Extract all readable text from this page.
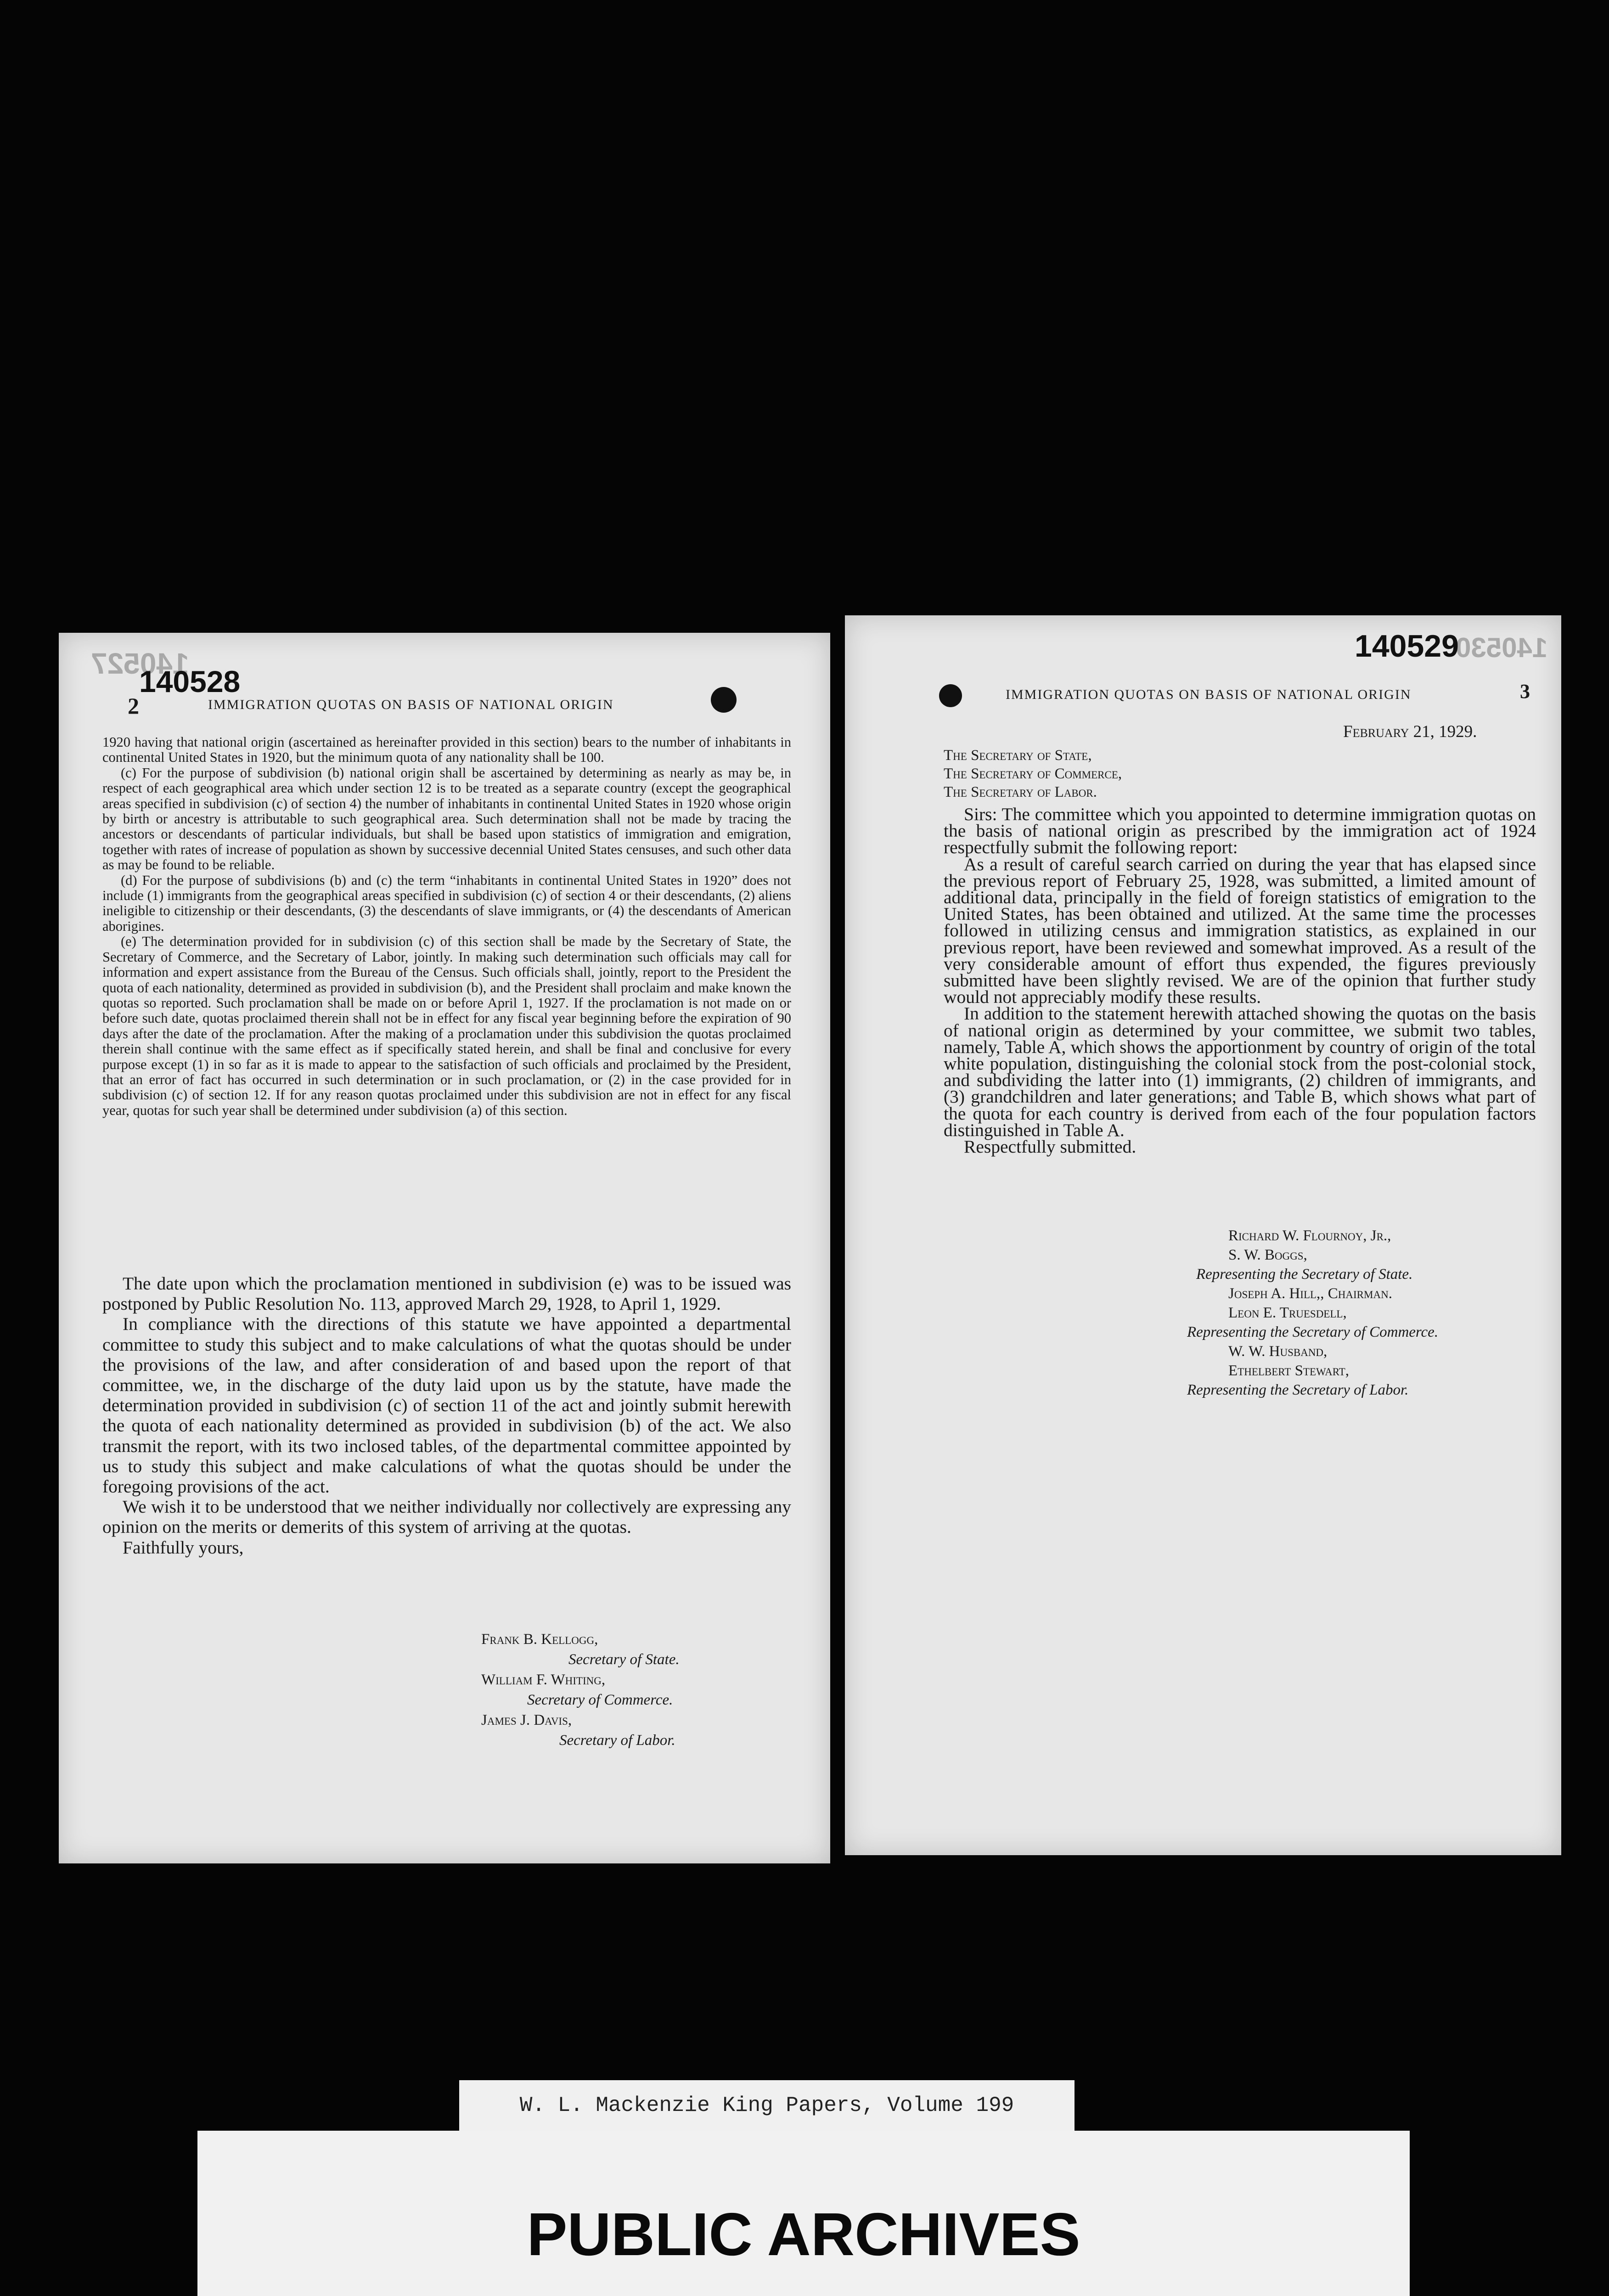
140527
140528
2	IMMIGRATION QUOTAS ON BASIS OF NATIONAL ORIGIN

1920 having that national origin (ascertained as hereinafter provided in this section) bears to the number of inhabitants in continental United States in 1920, but the minimum quota of any nationality shall be 100.

(c) For the purpose of subdivision (b) national origin shall be ascertained by determining as nearly as may be, in respect of each geographical area which under section 12 is to be treated as a separate country (except the geographical areas specified in subdivision (c) of section 4) the number of inhabitants in continental United States in 1920 whose origin by birth or ancestry is attributable to such geographical area. Such determination shall not be made by tracing the ancestors or descendants of particular individuals, but shall be based upon statistics of immigration and emigration, together with rates of increase of population as shown by successive decennial United States censuses, and such other data as may be found to be reliable.

(d) For the purpose of subdivisions (b) and (c) the term “inhabitants in continental United States in 1920” does not include (1) immigrants from the geographical areas specified in subdivision (c) of section 4 or their descendants, (2) aliens ineligible to citizenship or their descendants, (3) the descendants of slave immigrants, or (4) the descendants of American aborigines.

(e) The determination provided for in subdivision (c) of this section shall be made by the Secretary of State, the Secretary of Commerce, and the Secretary of Labor, jointly. In making such determination such officials may call for information and expert assistance from the Bureau of the Census. Such officials shall, jointly, report to the President the quota of each nationality, determined as provided in subdivision (b), and the President shall proclaim and make known the quotas so reported. Such proclamation shall be made on or before April 1, 1927. If the proclamation is not made on or before such date, quotas proclaimed therein shall not be in effect for any fiscal year beginning before the expiration of 90 days after the date of the proclamation. After the making of a proclamation under this subdivision the quotas proclaimed therein shall continue with the same effect as if specifically stated herein, and shall be final and conclusive for every purpose except (1) in so far as it is made to appear to the satisfaction of such officials and proclaimed by the President, that an error of fact has occurred in such determination or in such proclamation, or (2) in the case provided for in subdivision (c) of section 12. If for any reason quotas proclaimed under this subdivision are not in effect for any fiscal year, quotas for such year shall be determined under subdivision (a) of this section.

The date upon which the proclamation mentioned in subdivision (e) was to be issued was postponed by Public Resolution No. 113, approved March 29, 1928, to April 1, 1929.

In compliance with the directions of this statute we have appointed a departmental committee to study this subject and to make calculations of what the quotas should be under the provisions of the law, and after consideration of and based upon the report of that committee, we, in the discharge of the duty laid upon us by the statute, have made the determination provided in subdivision (c) of section 11 of the act and jointly submit herewith the quota of each nationality determined as provided in subdivision (b) of the act. We also transmit the report, with its two inclosed tables, of the departmental committee appointed by us to study this subject and make calculations of what the quotas should be under the foregoing provisions of the act.

We wish it to be understood that we neither individually nor collectively are expressing any opinion on the merits or demerits of this system of arriving at the quotas.

Faithfully yours,

Frank B. Kellogg,
Secretary of State.
William F. Whiting,
Secretary of Commerce.
James J. Davis,
Secretary of Labor.
140530
140529
IMMIGRATION QUOTAS ON BASIS OF NATIONAL ORIGIN	3
February 21, 1929.
The Secretary of State,
The Secretary of Commerce,
The Secretary of Labor.

Sirs: The committee which you appointed to determine immigration quotas on the basis of national origin as prescribed by the immigration act of 1924 respectfully submit the following report:

As a result of careful search carried on during the year that has elapsed since the previous report of February 25, 1928, was submitted, a limited amount of additional data, principally in the field of foreign statistics of emigration to the United States, has been obtained and utilized. At the same time the processes followed in utilizing census and immigration statistics, as explained in our previous report, have been reviewed and somewhat improved. As a result of the very considerable amount of effort thus expended, the figures previously submitted have been slightly revised. We are of the opinion that further study would not appreciably modify these results.

In addition to the statement herewith attached showing the quotas on the basis of national origin as determined by your committee, we submit two tables, namely, Table A, which shows the apportionment by country of origin of the total white population, distinguishing the colonial stock from the post-colonial stock, and subdividing the latter into (1) immigrants, (2) children of immigrants, and (3) grandchildren and later generations; and Table B, which shows what part of the quota for each country is derived from each of the four population factors distinguished in Table A.

Respectfully submitted.

Richard W. Flournoy, Jr.,
S. W. Boggs,
Representing the Secretary of State.
Joseph A. Hill,, Chairman.
Leon E. Truesdell,
Representing the Secretary of Commerce.
W. W. Husband,
Ethelbert Stewart,
Representing the Secretary of Labor.
W. L. Mackenzie King Papers, Volume 199
PUBLIC ARCHIVES
